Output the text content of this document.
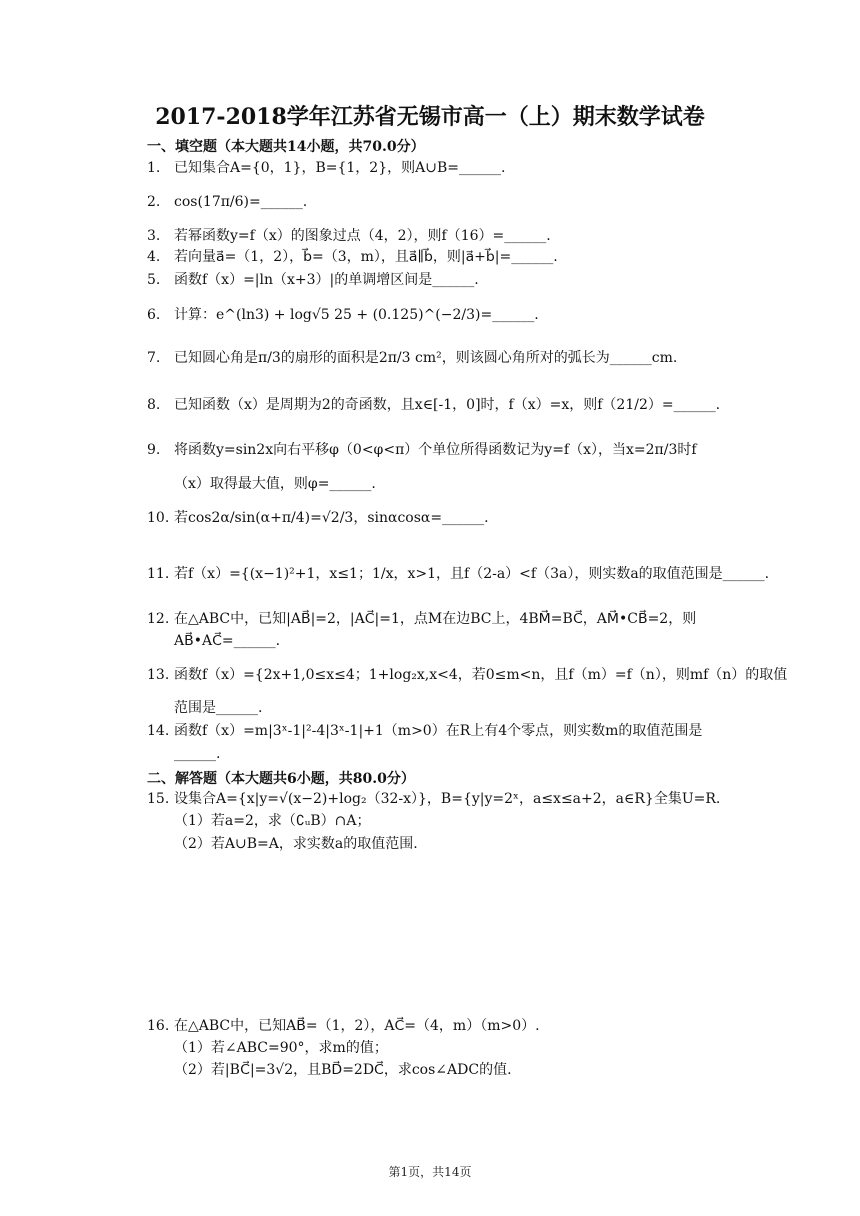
2017-2018学年江苏省无锡市高一（上）期末数学试卷
一、填空题（本大题共14小题，共70.0分）
1. 已知集合A={0，1}，B={1，2}，则A∪B=______.
2. cos(17π/6)=______.
3. 若幂函数y=f（x）的图象过点（4，2），则f（16）=______.
4. 若向量a⃗=（1，2），b⃗=（3，m），且a⃗∥b⃗，则|a⃗+b⃗|=______.
5. 函数f（x）=|ln（x+3）|的单调增区间是______.
6. 计算：e^(ln3) + log√5 25 + (0.125)^(−2/3)=______.
7. 已知圆心角是π/3的扇形的面积是2π/3 cm²，则该圆心角所对的弧长为______cm.
8. 已知函数（x）是周期为2的奇函数，且x∈[-1，0]时，f（x）=x，则f（21/2）=______.
9. 将函数y=sin2x向右平移φ（0<φ<π）个单位所得函数记为y=f（x），当x=2π/3时f
（x）取得最大值，则φ=______.
10. 若cos2α/sin(α+π/4)=√2/3，sinαcosα=______.
11. 若f（x）={(x−1)²+1，x≤1；1/x，x>1，且f（2-a）<f（3a），则实数a的取值范围是______.
12. 在△ABC中，已知|AB⃗|=2，|AC⃗|=1，点M在边BC上，4BM⃗=BC⃗，AM⃗•CB⃗=2，则
AB⃗•AC⃗=______.
13. 函数f（x）={2x+1,0≤x≤4；1+log₂x,x<4，若0≤m<n，且f（m）=f（n），则mf（n）的取值
范围是______.
14. 函数f（x）=m|3ˣ-1|²-4|3ˣ-1|+1（m>0）在R上有4个零点，则实数m的取值范围是
______.
二、解答题（本大题共6小题，共80.0分）
15. 设集合A={x|y=√(x−2)+log₂（32-x）}，B={y|y=2ˣ，a≤x≤a+2，a∈R}全集U=R.
（1）若a=2，求（∁ᵤB）∩A；
（2）若A∪B=A，求实数a的取值范围.
16. 在△ABC中，已知AB⃗=（1，2），AC⃗=（4，m）（m>0）.
（1）若∠ABC=90°，求m的值；
（2）若|BC⃗|=3√2，且BD⃗=2DC⃗，求cos∠ADC的值.
第1页，共14页
